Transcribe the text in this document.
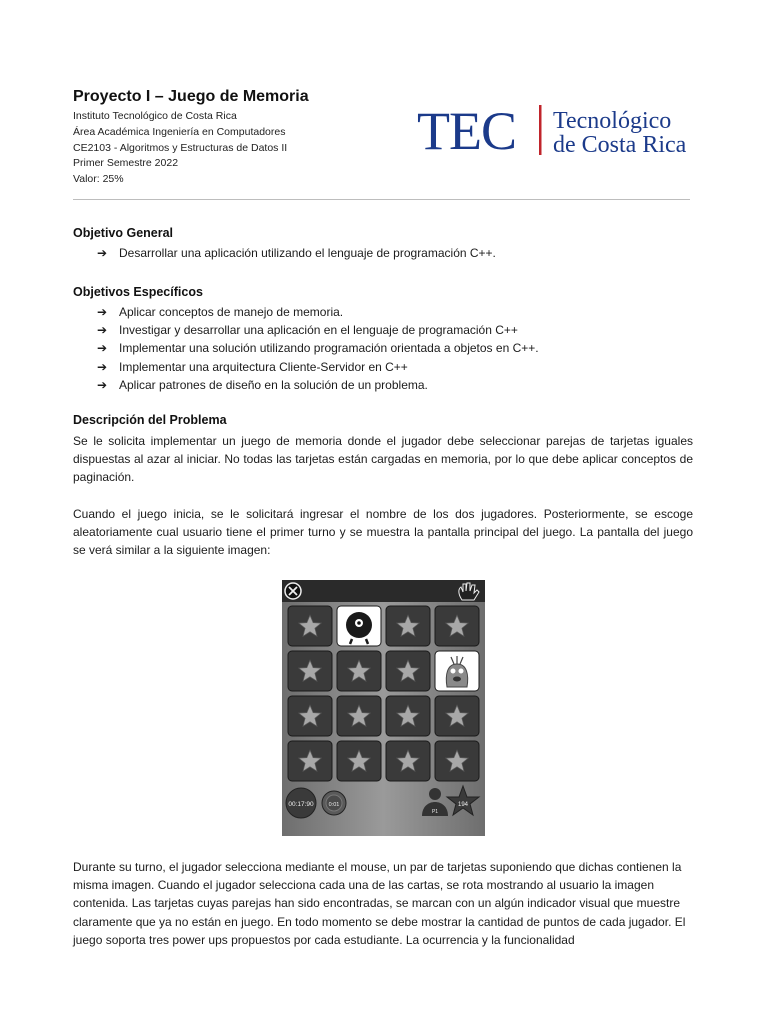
Proyecto I – Juego de Memoria
Instituto Tecnológico de Costa Rica
Área Académica Ingeniería en Computadores
CE2103 - Algoritmos y Estructuras de Datos II
Primer Semestre 2022
Valor: 25%
TEC Tecnológico
de Costa Rica
Objetivo General
➔ Desarrollar una aplicación utilizando el lenguaje de programación C++.
Objetivos Específicos
➔ Aplicar conceptos de manejo de memoria.
➔ Investigar y desarrollar una aplicación en el lenguaje de programación C++
➔ Implementar una solución utilizando programación orientada a objetos en C++.
➔ Implementar una arquitectura Cliente-Servidor en C++
➔ Aplicar patrones de diseño en la solución de un problema.
Descripción del Problema
Se le solicita implementar un juego de memoria donde el jugador debe seleccionar parejas de tarjetas iguales dispuestas al azar al iniciar. No todas las tarjetas están cargadas en memoria, por lo que debe aplicar conceptos de paginación.
Cuando el juego inicia, se le solicitará ingresar el nombre de los dos jugadores. Posteriormente, se escoge aleatoriamente cual usuario tiene el primer turno y se muestra la pantalla principal del juego. La pantalla del juego se verá similar a la siguiente imagen:
00:17:90	0:01
P1
194
Durante su turno, el jugador selecciona mediante el mouse, un par de tarjetas suponiendo que dichas contienen la misma imagen. Cuando el jugador selecciona cada una de las cartas, se rota mostrando al usuario la imagen contenida. Las tarjetas cuyas parejas han sido encontradas, se marcan con un algún indicador visual que muestre claramente que ya no están en juego. En todo momento se debe mostrar la cantidad de puntos de cada jugador. El juego soporta tres power ups propuestos por cada estudiante. La ocurrencia y la funcionalidad
